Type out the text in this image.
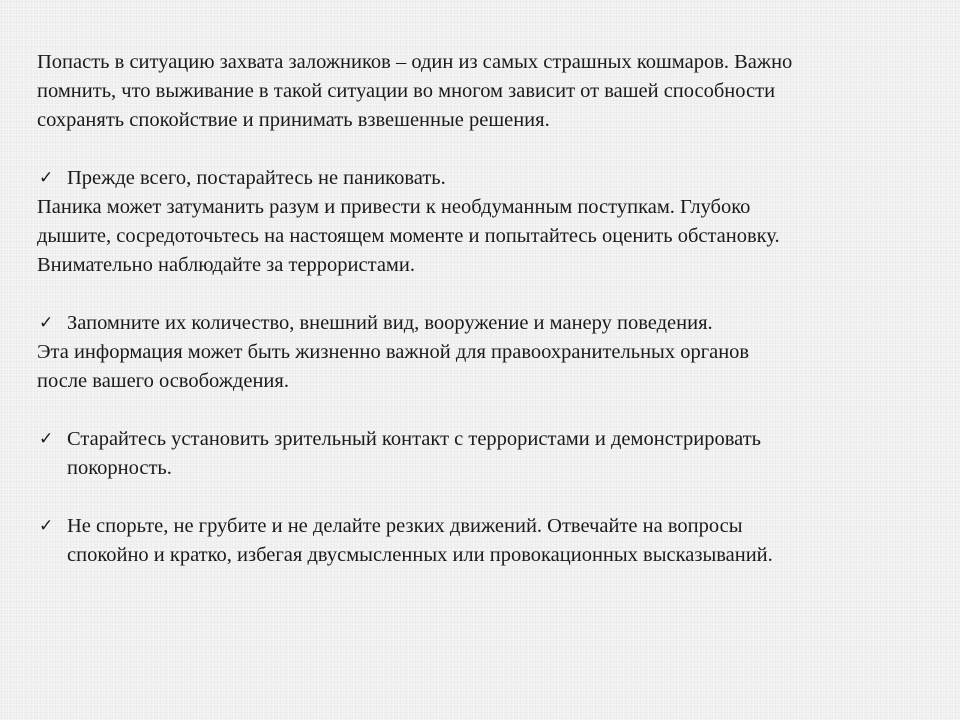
Попасть в ситуацию захвата заложников – один из самых страшных кошмаров. Важно
помнить, что выживание в такой ситуации во многом зависит от вашей способности
сохранять спокойствие и принимать взвешенные решения.

✓ Прежде всего, постарайтесь не паниковать.

Паника может затуманить разум и привести к необдуманным поступкам. Глубоко
дышите, сосредоточьтесь на настоящем моменте и попытайтесь оценить обстановку.
Внимательно наблюдайте за террористами.

✓ Запомните их количество, внешний вид, вооружение и манеру поведения.

Эта информация может быть жизненно важной для правоохранительных органов
после вашего освобождения.

✓ Старайтесь установить зрительный контакт с террористами и демонстрировать
покорность.

✓ Не спорьте, не грубите и не делайте резких движений. Отвечайте на вопросы
спокойно и кратко, избегая двусмысленных или провокационных высказываний.
